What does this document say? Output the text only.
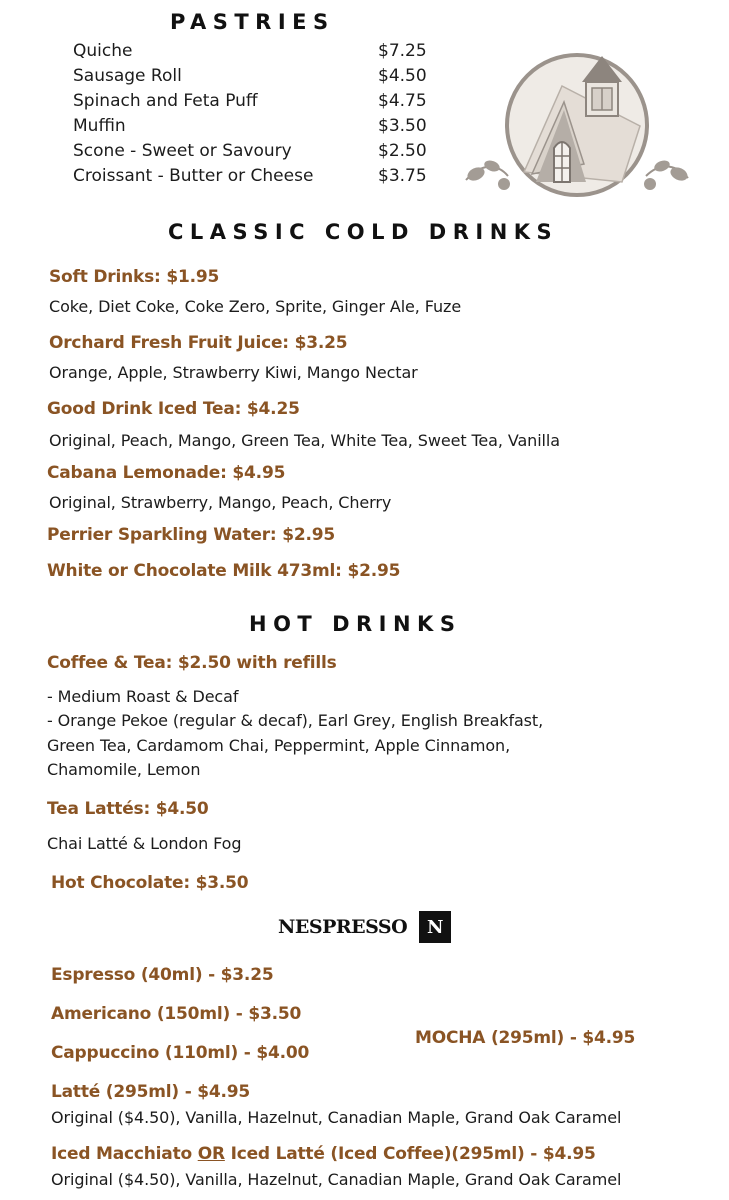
PASTRIES
Quiche	$7.25
Sausage Roll	$4.50
Spinach and Feta Puff	$4.75
Muffin	$3.50
Scone - Sweet or Savoury	$2.50
Croissant - Butter or Cheese	$3.75
CLASSIC COLD DRINKS
Soft Drinks: $1.95
Coke, Diet Coke, Coke Zero, Sprite, Ginger Ale, Fuze
Orchard Fresh Fruit Juice: $3.25
Orange, Apple, Strawberry Kiwi, Mango Nectar
Good Drink Iced Tea: $4.25
Original, Peach, Mango, Green Tea, White Tea, Sweet Tea, Vanilla
Cabana Lemonade: $4.95
Original, Strawberry, Mango, Peach, Cherry
Perrier Sparkling Water: $2.95
White or Chocolate Milk 473ml: $2.95
HOT DRINKS
Coffee & Tea: $2.50 with refills
- Medium Roast & Decaf
- Orange Pekoe (regular & decaf), Earl Grey, English Breakfast,
Green Tea, Cardamom Chai, Peppermint, Apple Cinnamon,
Chamomile, Lemon
Tea Lattés: $4.50
Chai Latté & London Fog
Hot Chocolate: $3.50
NESPRESSO N
Espresso (40ml) - $3.25
Americano (150ml) - $3.50
Cappuccino (110ml) - $4.00
MOCHA (295ml) - $4.95
Latté (295ml) - $4.95
Original ($4.50), Vanilla, Hazelnut, Canadian Maple, Grand Oak Caramel
Iced Macchiato OR Iced Latté (Iced Coffee)(295ml) - $4.95
Original ($4.50), Vanilla, Hazelnut, Canadian Maple, Grand Oak Caramel
